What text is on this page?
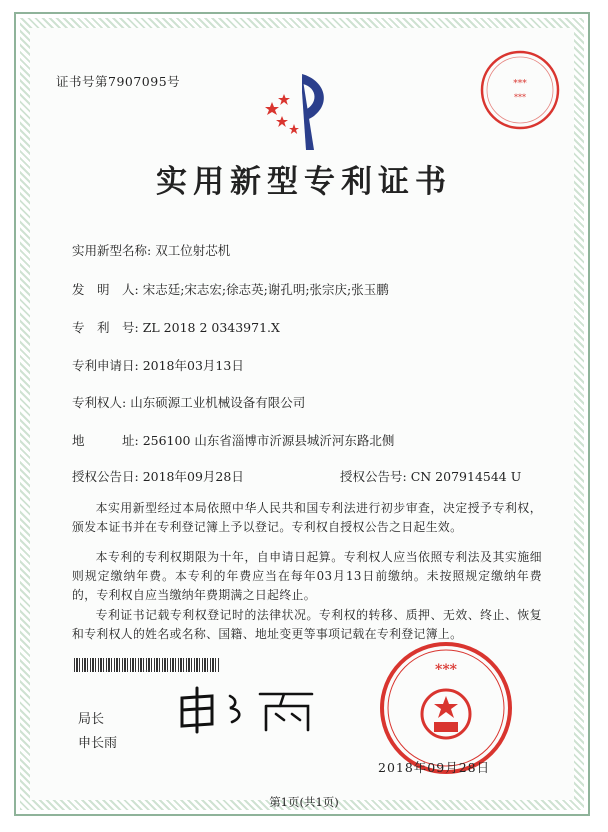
证书号第7907095号	***
***
实用新型专利证书
实用新型名称: 双工位射芯机
发　明　人: 宋志廷;宋志宏;徐志英;谢孔明;张宗庆;张玉鹏
专　利　号: ZL 2018 2 0343971.X
专利申请日: 2018年03月13日
专利权人: 山东硕源工业机械设备有限公司
地　　　址: 256100 山东省淄博市沂源县城沂河东路北侧
授权公告日: 2018年09月28日	授权公告号: CN 207914544 U
本实用新型经过本局依照中华人民共和国专利法进行初步审查，决定授予专利权，颁发本证书并在专利登记簿上予以登记。专利权自授权公告之日起生效。
本专利的专利权期限为十年，自申请日起算。专利权人应当依照专利法及其实施细则规定缴纳年费。本专利的年费应当在每年03月13日前缴纳。未按照规定缴纳年费的，专利权自应当缴纳年费期满之日起终止。
专利证书记载专利权登记时的法律状况。专利权的转移、质押、无效、终止、恢复和专利权人的姓名或名称、国籍、地址变更等事项记载在专利登记簿上。
局长
申长雨
***
2018年09月28日
第1页(共1页)
